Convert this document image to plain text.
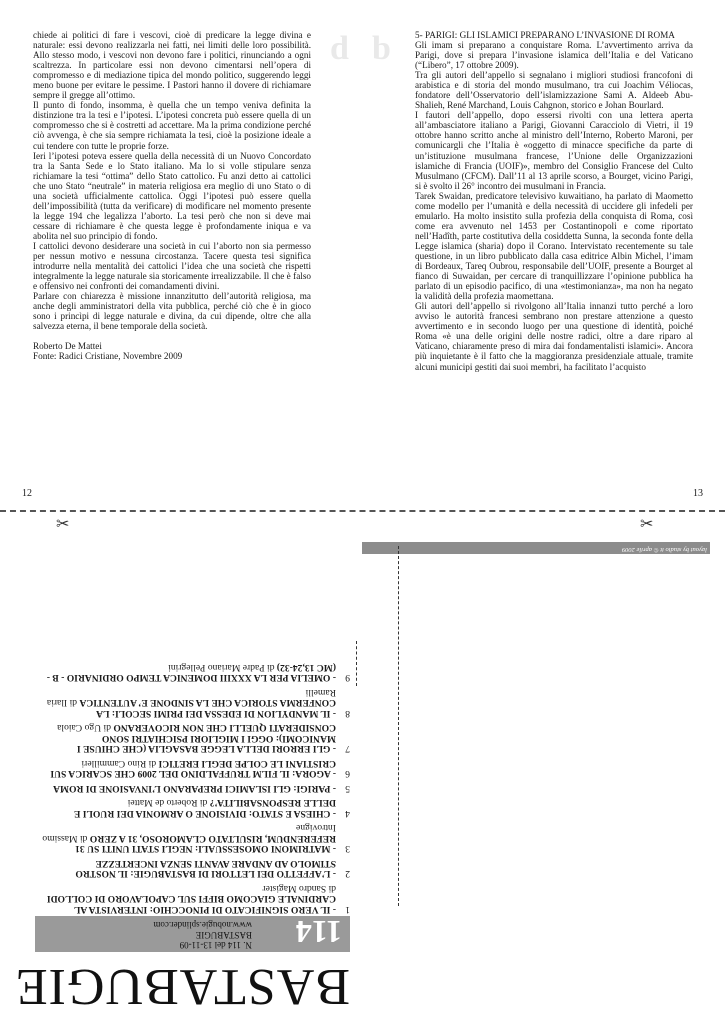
chiede ai politici di fare i vescovi, cioè di predicare la legge divina e naturale: essi devono realizzarla nei fatti, nei limiti delle loro possibilità. Allo stesso modo, i vescovi non devono fare i politici, rinunciando a ogni scaltrezza. In particolare essi non devono cimentarsi nell’opera di compromesso e di mediazione tipica del mondo politico, suggerendo leggi meno buone per evitare le pessime. I Pastori hanno il dovere di richiamare sempre il gregge all’ottimo.

Il punto di fondo, insomma, è quella che un tempo veniva definita la distinzione tra la tesi e l’ipotesi. L’ipotesi concreta può essere quella di un compromesso che si è costretti ad accettare. Ma la prima condizione perché ciò avvenga, è che sia sempre richiamata la tesi, cioè la posizione ideale a cui tendere con tutte le proprie forze.

Ieri l’ipotesi poteva essere quella della necessità di un Nuovo Concordato tra la Santa Sede e lo Stato italiano. Ma lo si volle stipulare senza richiamare la tesi “ottima” dello Stato cattolico. Fu anzi detto ai cattolici che uno Stato “neutrale” in materia religiosa era meglio di uno Stato o di una società ufficialmente cattolica. Oggi l’ipotesi può essere quella dell’impossibilità (tutta da verificare) di modificare nel momento presente la legge 194 che legalizza l’aborto. La tesi però che non si deve mai cessare di richiamare è che questa legge è profondamente iniqua e va abolita nel suo principio di fondo.

I cattolici devono desiderare una società in cui l’aborto non sia permesso per nessun motivo e nessuna circostanza. Tacere questa tesi significa introdurre nella mentalità dei cattolici l’idea che una società che rispetti integralmente la legge naturale sia storicamente irrealizzabile. Il che è falso e offensivo nei confronti dei comandamenti divini.

Parlare con chiarezza è missione innanzitutto dell’autorità religiosa, ma anche degli amministratori della vita pubblica, perché ciò che è in gioco sono i princìpi di legge naturale e divina, da cui dipende, oltre che alla salvezza eterna, il bene temporale della società.

Roberto De Mattei

Fonte: Radici Cristiane, Novembre 2009

12
d b	5- PARIGI: GLI ISLAMICI PREPARANO L’INVASIONE DI ROMA

Gli imam si preparano a conquistare Roma. L’avvertimento arriva da Parigi, dove si prepara l’invasione islamica dell’Italia e del Vaticano (“Libero”, 17 ottobre 2009).

Tra gli autori dell’appello si segnalano i migliori studiosi francofoni di arabistica e di storia del mondo musulmano, tra cui Joachim Véliocas, fondatore dell’Osservatorio dell’islamizzazione Sami A. Aldeeb Abu-Shalieh, René Marchand, Louis Cahgnon, storico e Johan Bourlard.

I fautori dell’appello, dopo essersi rivolti con una lettera aperta all’ambasciatore italiano a Parigi, Giovanni Caracciolo di Vietri, il 19 ottobre hanno scritto anche al ministro dell’Interno, Roberto Maroni, per comunicargli che l’Italia è «oggetto di minacce specifiche da parte di un’istituzione musulmana francese, l’Unione delle Organizzazioni islamiche di Francia (UOIF)», membro del Consiglio Francese del Culto Musulmano (CFCM). Dall’11 al 13 aprile scorso, a Bourget, vicino Parigi, si è svolto il 26° incontro dei musulmani in Francia.

Tarek Swaidan, predicatore televisivo kuwaitiano, ha parlato di Maometto come modello per l’umanità e della necessità di uccidere gli infedeli per emularlo. Ha molto insistito sulla profezia della conquista di Roma, così come era avvenuto nel 1453 per Costantinopoli e come riportato nell’Hadîth, parte costitutiva della cosiddetta Sunna, la seconda fonte della Legge islamica (sharia) dopo il Corano. Intervistato recentemente su tale questione, in un libro pubblicato dalla casa editrice Albin Michel, l’imam di Bordeaux, Tareq Oubrou, responsabile dell’UOIF, presente a Bourget al fianco di Suwaidan, per cercare di tranquillizzare l’opinione pubblica ha parlato di un episodio pacifico, di una «testimonianza», ma non ha negato la validità della profezia maomettana.

Gli autori dell’appello si rivolgono all’Italia innanzi tutto perché a loro avviso le autorità francesi sembrano non prestare attenzione a questo avvertimento e in secondo luogo per una questione di identità, poiché Roma «è una delle origini delle nostre radici, oltre a dare riparo al Vaticano, chiaramente preso di mira dai fondamentalisti islamici». Ancora più inquietante è il fatto che la maggioranza presidenziale attuale, tramite alcuni municipi gestiti dai suoi membri, ha facilitato l’acquisto

13
✂	✂
layout by studio it © aprile 2009
BASTABUGIE
114
N. 114 del 13-11-09
BASTABUGIE
www.nobugie.splinder.com
1
- IL VERO SIGNIFICATO DI PINOCCHIO: INTERVISTA AL CARDINALE GIACOMO BIFFI SUL CAPOLAVORO DI COLLODI di Sandro Magister
2
- L’AFFETTO DEI LETTORI DI BASTABUGIE: IL NOSTRO STIMOLO AD ANDARE AVANTI SENZA INCERTEZZE
3
- MATRIMONI OMOSESSUALI: NEGLI STATI UNITI SU 31 REFERENDUM, RISULTATO CLAMOROSO, 31 A ZERO di Massimo Introvigne
4
- CHIESA E STATO: DIVISIONE O ARMONIA DEI RUOLI E DELLE RESPONSABILITA’? di Roberto de Mattei
5
- PARIGI: GLI ISLAMICI PREPARANO L’INVASIONE DI ROMA
6
- AGORA: IL FILM TRUFFALDINO DEL 2009 CHE SCARICA SUI CRISTIANI LE COLPE DEGLI ERETICI di Rino Cammilleri
7
- GLI ERRORI DELLA LEGGE BASAGLIA (CHE CHIUSE I MANICOMI): OGGI I MIGLIORI PSICHIATRI SONO CONSIDERATI QUELLI CHE NON RICOVERANO di Ugo Caiola
8
- IL MANDYLION DI EDESSA DEI PRIMI SECOLI: LA CONFERMA STORICA CHE LA SINDONE E’ AUTENTICA di Ilaria Ramelli
9
- OMELIA PER LA XXXIII DOMENICA TEMPO ORDINARIO - B - (MC 13,24-32) di Padre Mariano Pellegrini
